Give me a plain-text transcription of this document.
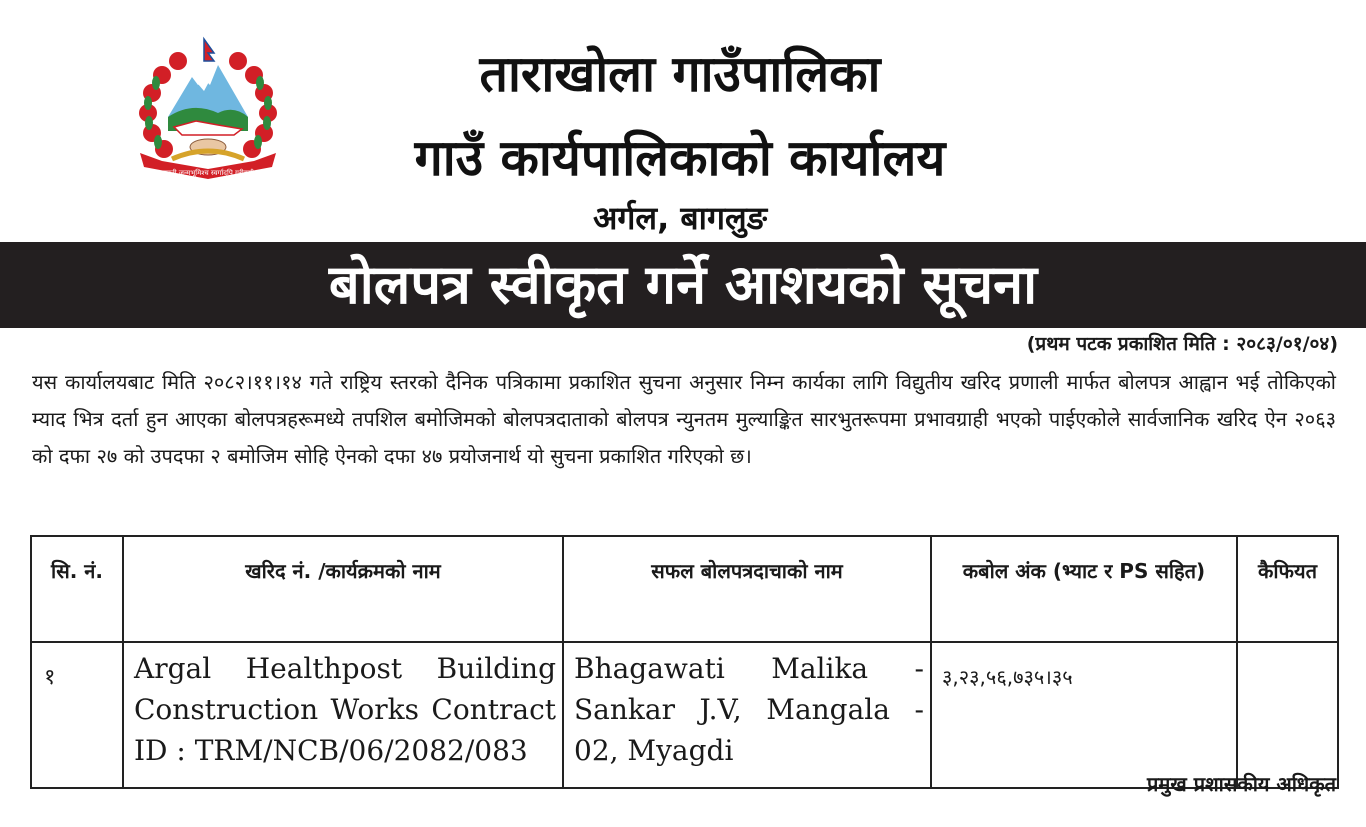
जननी जन्मभूमिश्च स्वर्गादपि गरीयसी
ताराखोला गाउँपालिका
गाउँ कार्यपालिकाको कार्यालय
अर्गल, बागलुङ
बोलपत्र स्वीकृत गर्ने आशयको सूचना
(प्रथम पटक प्रकाशित मिति : २०८३/०१/०४)
यस कार्यालयबाट मिति २०८२।११।१४ गते राष्ट्रिय स्तरको दैनिक पत्रिकामा प्रकाशित सुचना अनुसार निम्न कार्यका लागि विद्युतीय खरिद प्रणाली मार्फत बोलपत्र आह्वान भई तोकिएको म्याद भित्र दर्ता हुन आएका बोलपत्रहरूमध्ये तपशिल बमोजिमको बोलपत्रदाताको बोलपत्र न्युनतम मुल्याङ्कित सारभुतरूपमा प्रभावग्राही भएको पाईएकोले सार्वजानिक खरिद ऐन २०६३ को दफा २७ को उपदफा २ बमोजिम सोहि ऐनको दफा ४७ प्रयोजनार्थ यो सुचना प्रकाशित गरिएको छ।
सि. नं.	खरिद नं. /कार्यक्रमको नाम	सफल बोलपत्रदाचाको नाम	कबोल अंक (भ्याट र PS सहित)	कैफियत
१	Argal Healthpost Building Construction Works Contract ID : TRM/NCB/06/2082/083	Bhagawati Malika - Sankar J.V, Mangala - 02, Myagdi	३,२३,५६,७३५।३५	
प्रमुख प्रशासकीय अधिकृत
